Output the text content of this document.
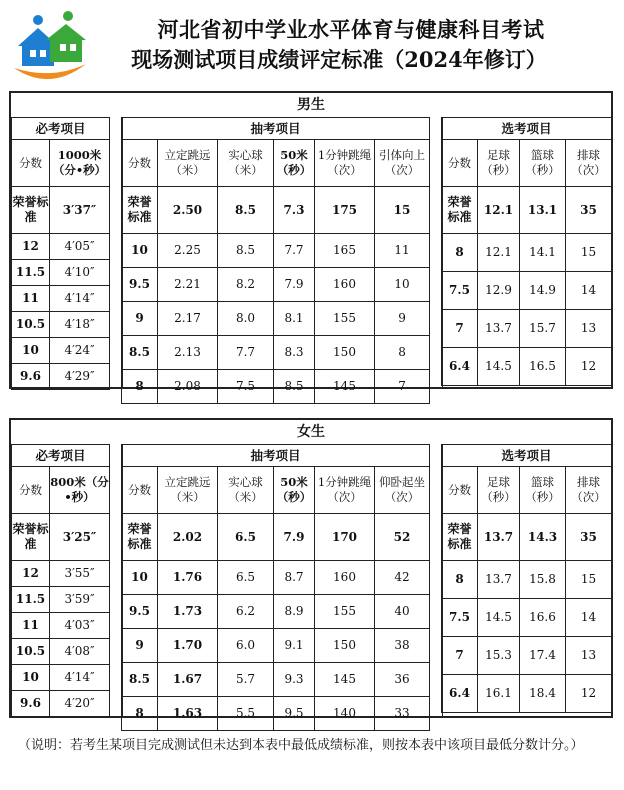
河北省初中学业水平体育与健康科目考试
现场测试项目成绩评定标准（2024年修订）
男生
必考项目	
分数	1000米（分•秒）
荣誉标准	3′37″
12	4′05″
11.5	4′10″
11	4′14″
10.5	4′18″
10	4′24″
9.6	4′29″
抽考项目					
分数	立定跳远（米）	实心球（米）	50米（秒）	1分钟跳绳（次）	引体向上（次）
荣誉标准	2.50	8.5	7.3	175	15
10	2.25	8.5	7.7	165	11
9.5	2.21	8.2	7.9	160	10
9	2.17	8.0	8.1	155	9
8.5	2.13	7.7	8.3	150	8
8	2.08	7.5	8.5	145	7
选考项目			
分数	足球（秒）	篮球（秒）	排球（次）
荣誉标准	12.1	13.1	35
8	12.1	14.1	15
7.5	12.9	14.9	14
7	13.7	15.7	13
6.4	14.5	16.5	12
女生
必考项目	
分数	800米（分•秒）
荣誉标准	3′25″
12	3′55″
11.5	3′59″
11	4′03″
10.5	4′08″
10	4′14″
9.6	4′20″
抽考项目					
分数	立定跳远（米）	实心球（米）	50米（秒）	1分钟跳绳（次）	仰卧起坐（次）
荣誉标准	2.02	6.5	7.9	170	52
10	1.76	6.5	8.7	160	42
9.5	1.73	6.2	8.9	155	40
9	1.70	6.0	9.1	150	38
8.5	1.67	5.7	9.3	145	36
8	1.63	5.5	9.5	140	33
选考项目			
分数	足球（秒）	篮球（秒）	排球（次）
荣誉标准	13.7	14.3	35
8	13.7	15.8	15
7.5	14.5	16.6	14
7	15.3	17.4	13
6.4	16.1	18.4	12
（说明：若考生某项目完成测试但未达到本表中最低成绩标准，则按本表中该项目最低分数计分。）
